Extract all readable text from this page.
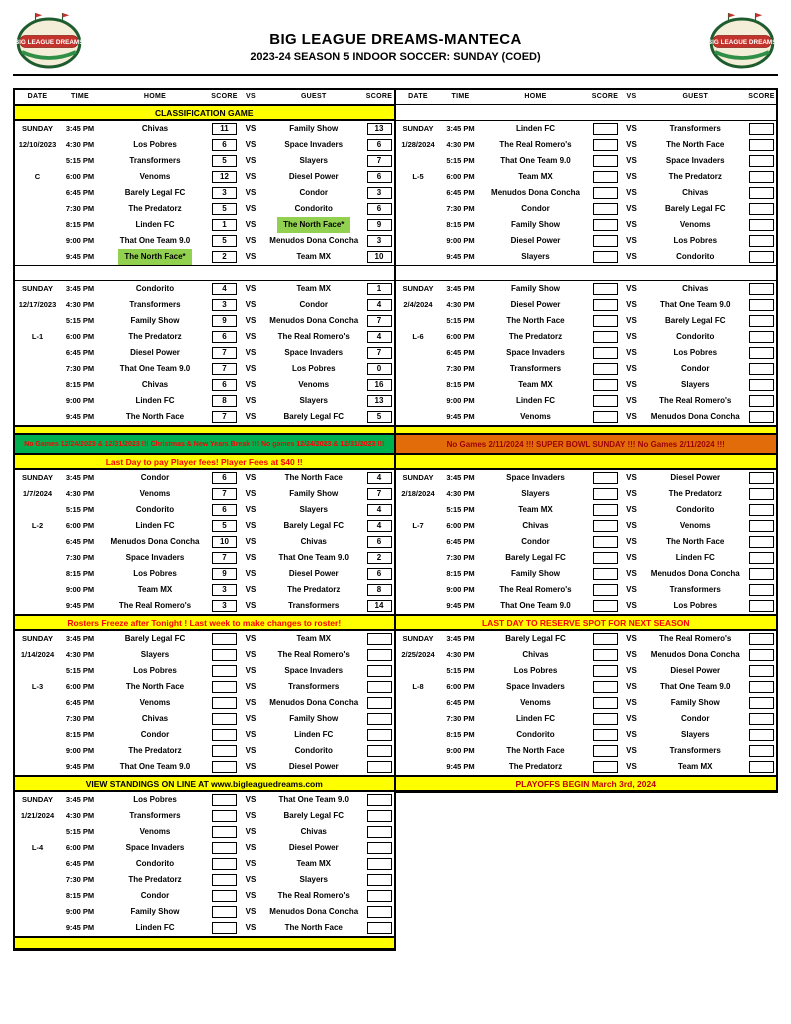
BIG LEAGUE DREAMS	BIG LEAGUE DREAMS-MANTECA
2023-24 SEASON 5 INDOOR SOCCER: SUNDAY (COED)
BIG LEAGUE DREAMS
DATE	TIME	HOME	SCORE	VS	GUEST	SCORE
CLASSIFICATION GAME
SUNDAY	3:45 PM	Chivas	11	VS	Family Show	13
12/10/2023	4:30 PM	Los Pobres	6	VS	Space Invaders	6
5:15 PM	Transformers	5	VS	Slayers	7
C	6:00 PM	Venoms	12	VS	Diesel Power	6
6:45 PM	Barely Legal FC	3	VS	Condor	3
7:30 PM	The Predatorz	5	VS	Condorito	6
8:15 PM	Linden FC	1	VS	The North Face*	9
9:00 PM	That One Team 9.0	5	VS	Menudos Dona Concha	3
9:45 PM	The North Face*	2	VS	Team MX	10
SUNDAY	3:45 PM	Condorito	4	VS	Team MX	1
12/17/2023	4:30 PM	Transformers	3	VS	Condor	4
5:15 PM	Family Show	9	VS	Menudos Dona Concha	7
L-1	6:00 PM	The Predatorz	6	VS	The Real Romero's	4
6:45 PM	Diesel Power	7	VS	Space Invaders	7
7:30 PM	That One Team 9.0	7	VS	Los Pobres	0
8:15 PM	Chivas	6	VS	Venoms	16
9:00 PM	Linden FC	8	VS	Slayers	13
9:45 PM	The North Face	7	VS	Barely Legal FC	5
No Games 12/24/2023 & 12/31/2023 !!! Christmas & New Years Break !!! No games 12/24/2023 & 12/31/2023 !!!
Last Day to pay Player fees! Player Fees at $40 !!
SUNDAY	3:45 PM	Condor	6	VS	The North Face	4
1/7/2024	4:30 PM	Venoms	7	VS	Family Show	7
5:15 PM	Condorito	6	VS	Slayers	4
L-2	6:00 PM	Linden FC	5	VS	Barely Legal FC	4
6:45 PM	Menudos Dona Concha	10	VS	Chivas	6
7:30 PM	Space Invaders	7	VS	That One Team 9.0	2
8:15 PM	Los Pobres	9	VS	Diesel Power	6
9:00 PM	Team MX	3	VS	The Predatorz	8
9:45 PM	The Real Romero's	3	VS	Transformers	14
Rosters Freeze after Tonight ! Last week to make changes to roster!
SUNDAY	3:45 PM	Barely Legal FC	VS	Team MX
1/14/2024	4:30 PM	Slayers	VS	The Real Romero's
5:15 PM	Los Pobres	VS	Space Invaders
L-3	6:00 PM	The North Face	VS	Transformers
6:45 PM	Venoms	VS	Menudos Dona Concha
7:30 PM	Chivas	VS	Family Show
8:15 PM	Condor	VS	Linden FC
9:00 PM	The Predatorz	VS	Condorito
9:45 PM	That One Team 9.0	VS	Diesel Power
VIEW STANDINGS ON LINE AT www.bigleaguedreams.com
SUNDAY	3:45 PM	Los Pobres	VS	That One Team 9.0
1/21/2024	4:30 PM	Transformers	VS	Barely Legal FC
5:15 PM	Venoms	VS	Chivas
L-4	6:00 PM	Space Invaders	VS	Diesel Power
6:45 PM	Condorito	VS	Team MX
7:30 PM	The Predatorz	VS	Slayers
8:15 PM	Condor	VS	The Real Romero's
9:00 PM	Family Show	VS	Menudos Dona Concha
9:45 PM	Linden FC	VS	The North Face
DATE	TIME	HOME	SCORE	VS	GUEST	SCORE
SUNDAY	3:45 PM	Linden FC	VS	Transformers
1/28/2024	4:30 PM	The Real Romero's	VS	The North Face
5:15 PM	That One Team 9.0	VS	Space Invaders
L-5	6:00 PM	Team MX	VS	The Predatorz
6:45 PM	Menudos Dona Concha	VS	Chivas
7:30 PM	Condor	VS	Barely Legal FC
8:15 PM	Family Show	VS	Venoms
9:00 PM	Diesel Power	VS	Los Pobres
9:45 PM	Slayers	VS	Condorito
SUNDAY	3:45 PM	Family Show	VS	Chivas
2/4/2024	4:30 PM	Diesel Power	VS	That One Team 9.0
5:15 PM	The North Face	VS	Barely Legal FC
L-6	6:00 PM	The Predatorz	VS	Condorito
6:45 PM	Space Invaders	VS	Los Pobres
7:30 PM	Transformers	VS	Condor
8:15 PM	Team MX	VS	Slayers
9:00 PM	Linden FC	VS	The Real Romero's
9:45 PM	Venoms	VS	Menudos Dona Concha
No Games 2/11/2024 !!! SUPER BOWL SUNDAY !!! No Games 2/11/2024 !!!
SUNDAY	3:45 PM	Space Invaders	VS	Diesel Power
2/18/2024	4:30 PM	Slayers	VS	The Predatorz
5:15 PM	Team MX	VS	Condorito
L-7	6:00 PM	Chivas	VS	Venoms
6:45 PM	Condor	VS	The North Face
7:30 PM	Barely Legal FC	VS	Linden FC
8:15 PM	Family Show	VS	Menudos Dona Concha
9:00 PM	The Real Romero's	VS	Transformers
9:45 PM	That One Team 9.0	VS	Los Pobres
LAST DAY TO RESERVE SPOT FOR NEXT SEASON
SUNDAY	3:45 PM	Barely Legal FC	VS	The Real Romero's
2/25/2024	4:30 PM	Chivas	VS	Menudos Dona Concha
5:15 PM	Los Pobres	VS	Diesel Power
L-8	6:00 PM	Space Invaders	VS	That One Team 9.0
6:45 PM	Venoms	VS	Family Show
7:30 PM	Linden FC	VS	Condor
8:15 PM	Condorito	VS	Slayers
9:00 PM	The North Face	VS	Transformers
9:45 PM	The Predatorz	VS	Team MX
PLAYOFFS BEGIN March 3rd, 2024
